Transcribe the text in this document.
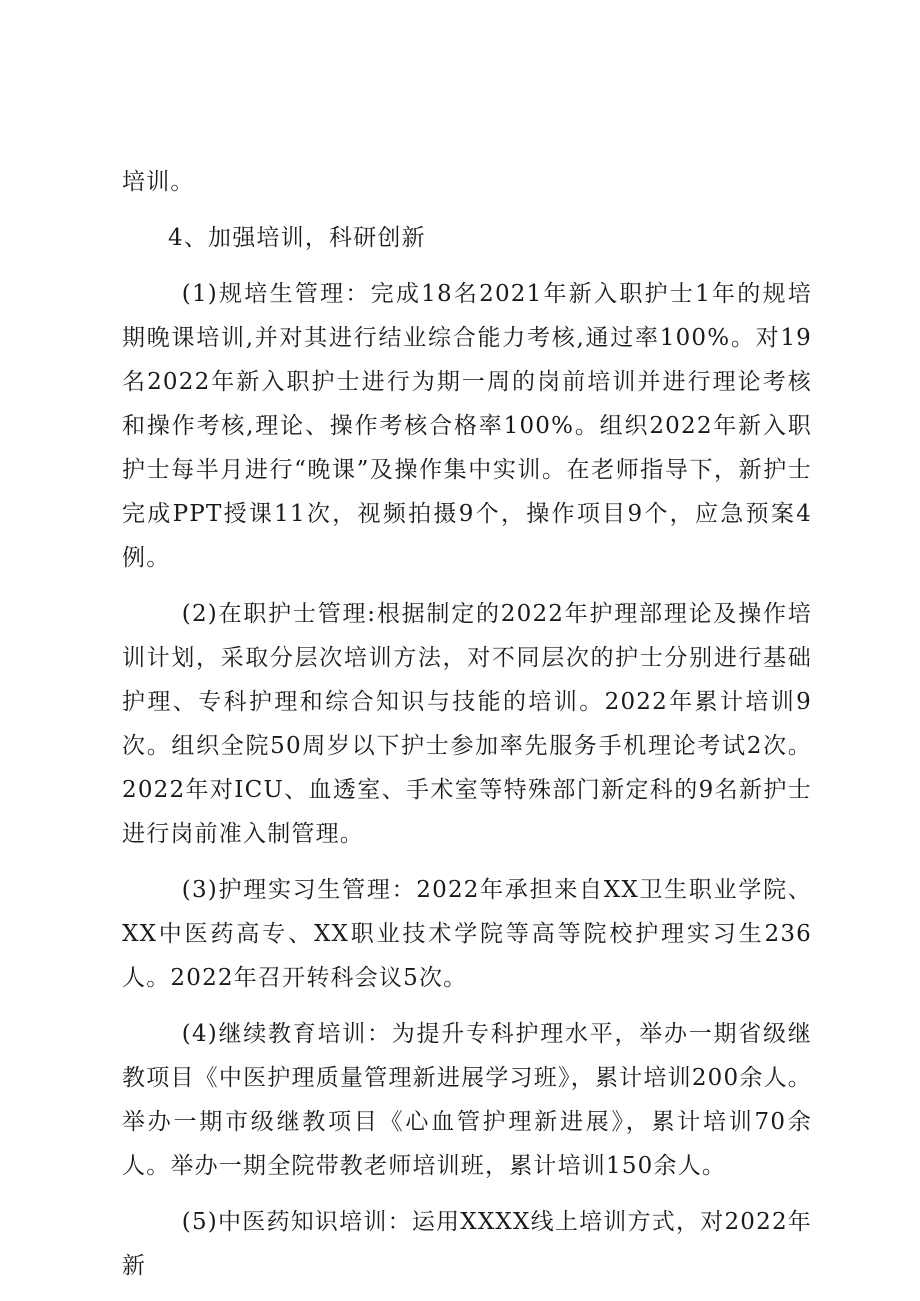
培训。

4、加强培训，科研创新

(1)规培生管理：完成18名2021年新入职护士1年的规培期晚课培训,并对其进行结业综合能力考核,通过率100%。对19名2022年新入职护士进行为期一周的岗前培训并进行理论考核和操作考核,理论、操作考核合格率100%。组织2022年新入职护士每半月进行“晚课”及操作集中实训。在老师指导下，新护士完成PPT授课11次，视频拍摄9个，操作项目9个，应急预案4例。

(2)在职护士管理:根据制定的2022年护理部理论及操作培训计划，采取分层次培训方法，对不同层次的护士分别进行基础护理、专科护理和综合知识与技能的培训。2022年累计培训9次。组织全院50周岁以下护士参加率先服务手机理论考试2次。2022年对ICU、血透室、手术室等特殊部门新定科的9名新护士进行岗前准入制管理。

(3)护理实习生管理：2022年承担来自XX卫生职业学院、XX中医药高专、XX职业技术学院等高等院校护理实习生236人。2022年召开转科会议5次。

(4)继续教育培训：为提升专科护理水平，举办一期省级继教项目《中医护理质量管理新进展学习班》，累计培训200余人。举办一期市级继教项目《心血管护理新进展》，累计培训70余人。举办一期全院带教老师培训班，累计培训150余人。

(5)中医药知识培训：运用XXXX线上培训方式，对2022年新
